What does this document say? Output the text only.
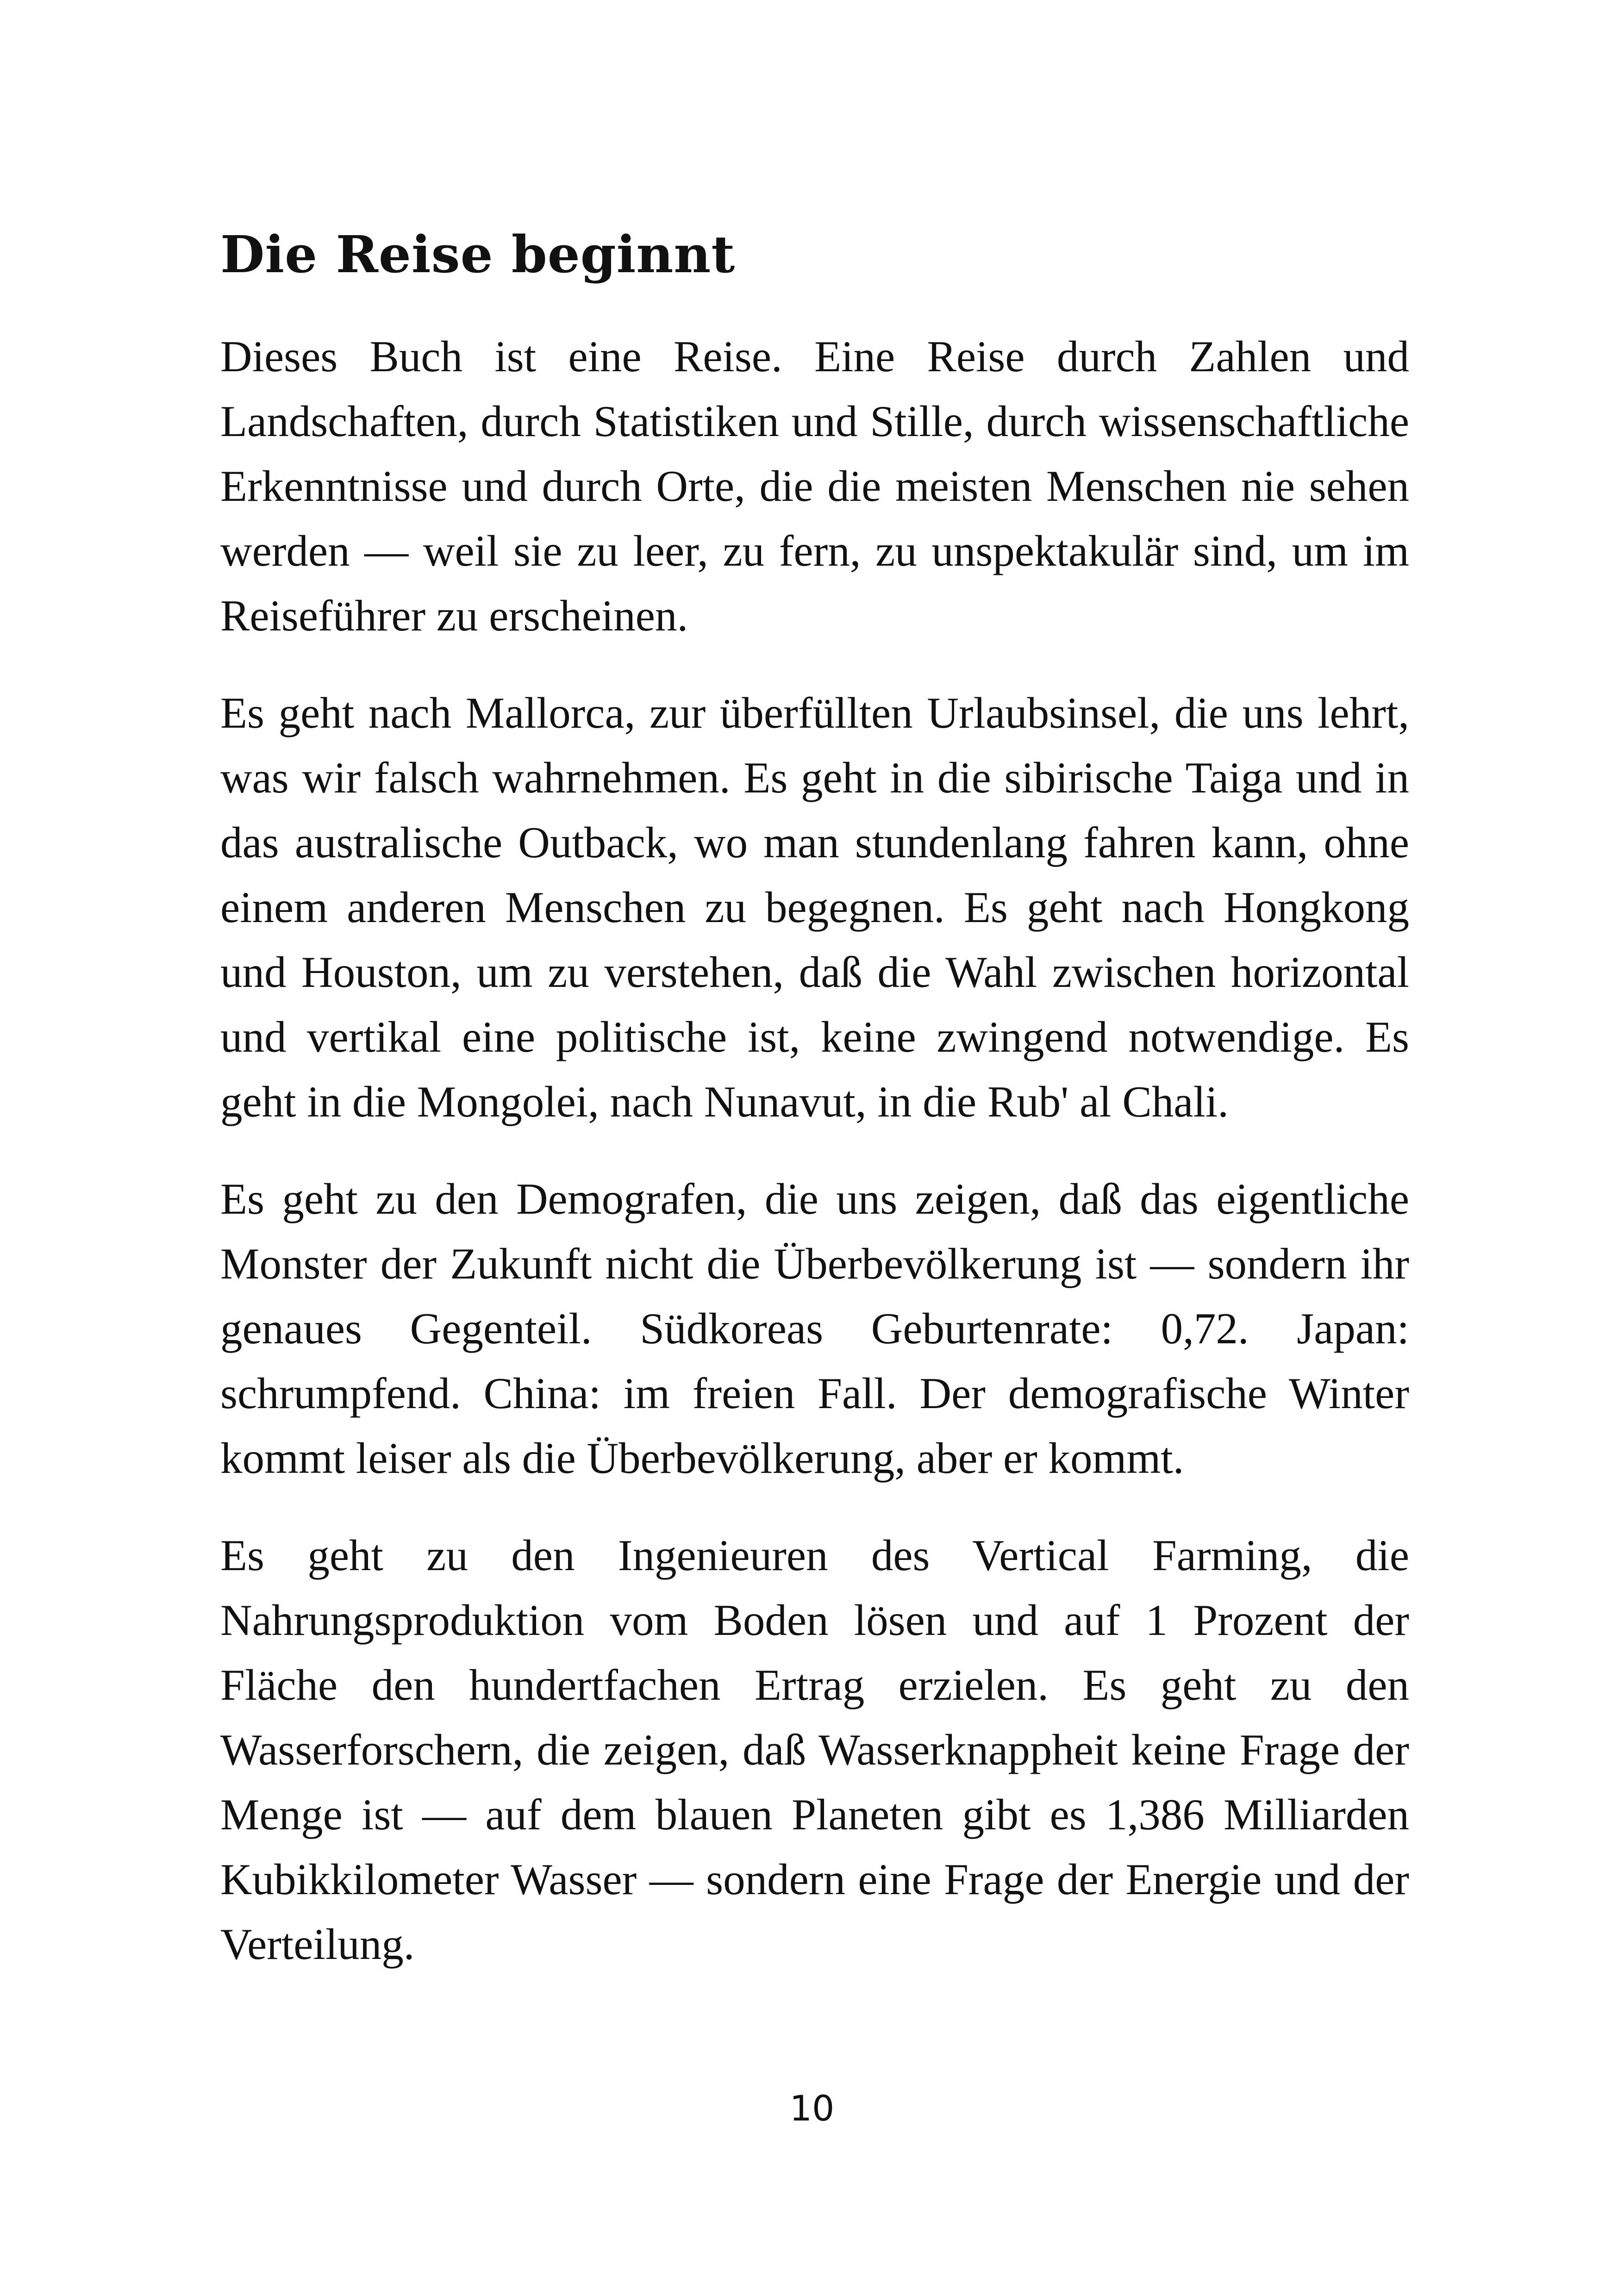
Die Reise beginnt

Dieses Buch ist eine Reise. Eine Reise durch Zahlen und Landschaften, durch Statistiken und Stille, durch wissenschaftliche Erkenntnisse und durch Orte, die die meisten Menschen nie sehen werden — weil sie zu leer, zu fern, zu unspektakulär sind, um im Reiseführer zu erscheinen.

Es geht nach Mallorca, zur überfüllten Urlaubsinsel, die uns lehrt, was wir falsch wahrnehmen. Es geht in die sibirische Taiga und in das australische Outback, wo man stundenlang fahren kann, ohne einem anderen Menschen zu begegnen. Es geht nach Hongkong und Houston, um zu verstehen, daß die Wahl zwischen horizontal und vertikal eine politische ist, keine zwingend notwendige. Es geht in die Mongolei, nach Nunavut, in die Rub' al Chali.

Es geht zu den Demografen, die uns zeigen, daß das eigentliche Monster der Zukunft nicht die Überbevölkerung ist — sondern ihr genaues Gegenteil. Südkoreas Geburtenrate: 0,72. Japan: schrumpfend. China: im freien Fall. Der demografische Winter kommt leiser als die Überbevölkerung, aber er kommt.

Es geht zu den Ingenieuren des Vertical Farming, die Nahrungsproduktion vom Boden lösen und auf 1 Prozent der Fläche den hundertfachen Ertrag erzielen. Es geht zu den Wasserforschern, die zeigen, daß Wasserknappheit keine Frage der Menge ist — auf dem blauen Planeten gibt es 1,386 Milliarden Kubikkilometer Wasser — sondern eine Frage der Energie und der Verteilung.

10
